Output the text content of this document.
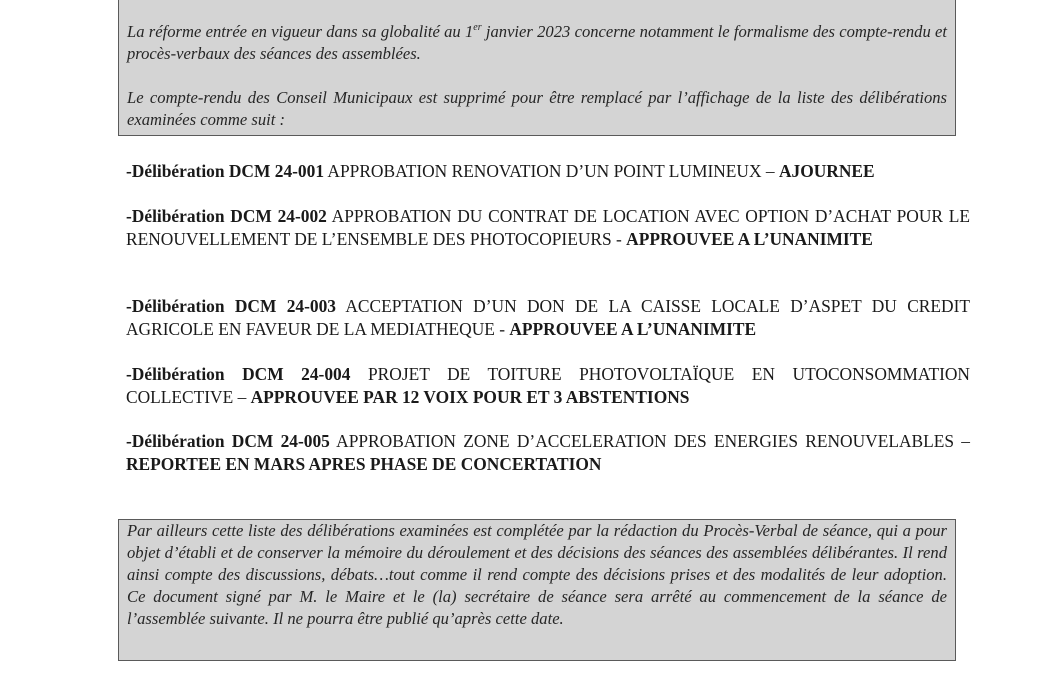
La réforme entrée en vigueur dans sa globalité au 1er janvier 2023 concerne notamment le formalisme des compte-rendu et procès-verbaux des séances des assemblées.

Le compte-rendu des Conseil Municipaux est supprimé pour être remplacé par l’affichage de la liste des délibérations examinées comme suit :

-Délibération DCM 24-001 APPROBATION RENOVATION D’UN POINT LUMINEUX – AJOURNEE
-Délibération DCM 24-002 APPROBATION DU CONTRAT DE LOCATION AVEC OPTION D’ACHAT POUR LE RENOUVELLEMENT DE L’ENSEMBLE DES PHOTOCOPIEURS - APPROUVEE A L’UNANIMITE
-Délibération DCM 24-003 ACCEPTATION D’UN DON DE LA CAISSE LOCALE D’ASPET DU CREDIT AGRICOLE EN FAVEUR DE LA MEDIATHEQUE - APPROUVEE A L’UNANIMITE
-Délibération DCM 24-004 PROJET DE TOITURE PHOTOVOLTAÏQUE EN UTOCONSOMMATION COLLECTIVE – APPROUVEE PAR 12 VOIX POUR ET 3 ABSTENTIONS
-Délibération DCM 24-005 APPROBATION ZONE D’ACCELERATION DES ENERGIES RENOUVELABLES – REPORTEE EN MARS APRES PHASE DE CONCERTATION

Par ailleurs cette liste des délibérations examinées est complétée par la rédaction du Procès-Verbal de séance, qui a pour objet d’établi et de conserver la mémoire du déroulement et des décisions des séances des assemblées délibérantes. Il rend ainsi compte des discussions, débats…tout comme il rend compte des décisions prises et des modalités de leur adoption. Ce document signé par M. le Maire et le (la) secrétaire de séance sera arrêté au commencement de la séance de l’assemblée suivante. Il ne pourra être publié qu’après cette date.
